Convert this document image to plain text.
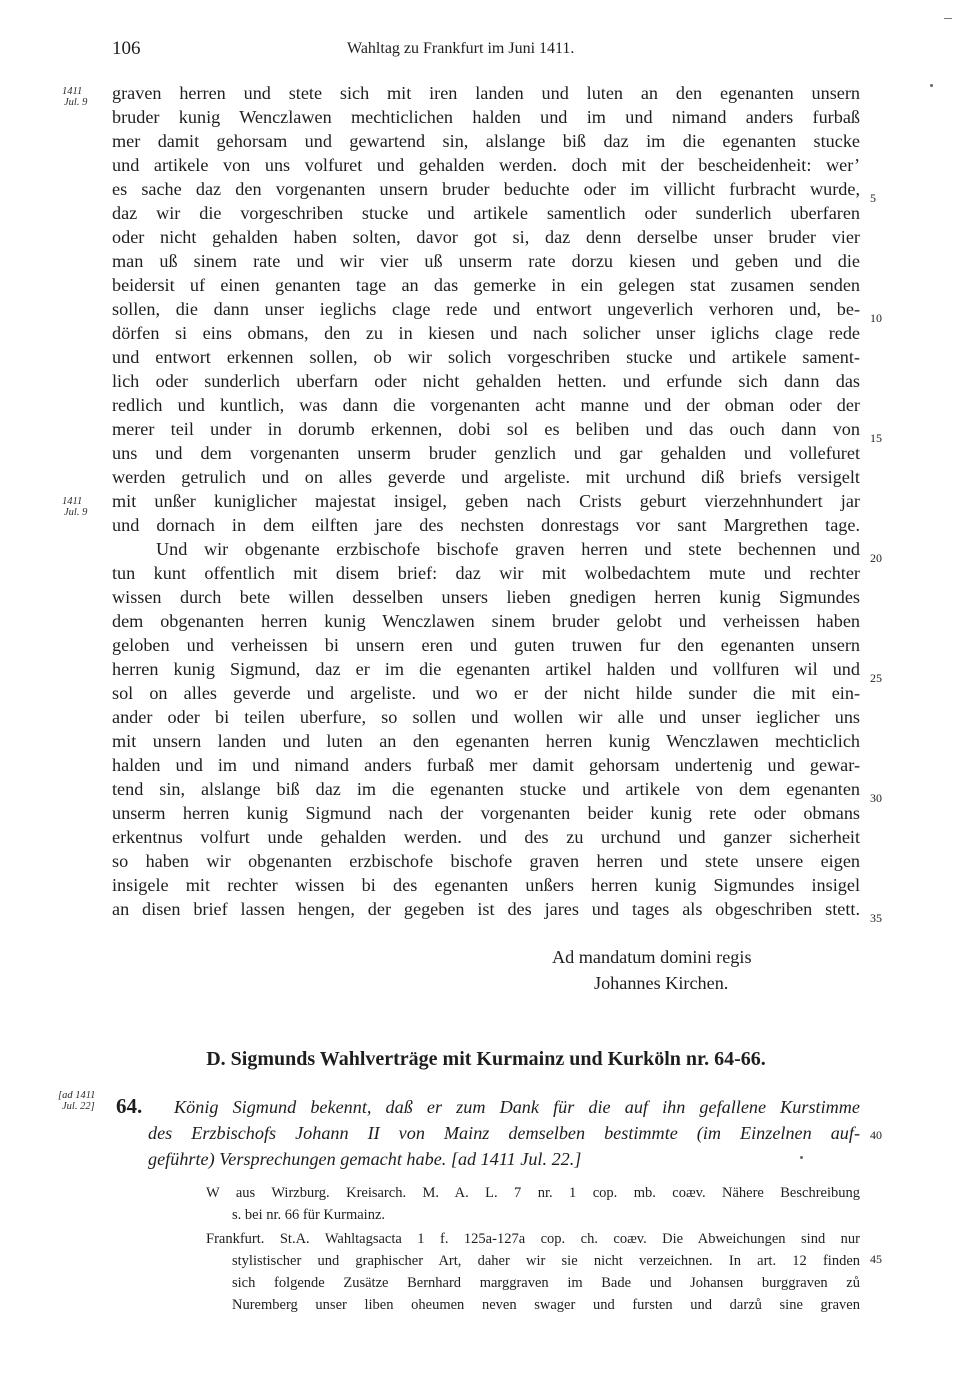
106	Wahltag zu Frankfurt im Juni 1411.
1411
Jul. 9
1411
Jul. 9
[ad 1411
Jul. 22]
graven herren und stete sich mit iren landen und luten an den egenanten unsern
bruder kunig Wenczlawen mechticlichen halden und im und nimand anders furbaß
mer damit gehorsam und gewartend sin, alslange biß daz im die egenanten stucke
und artikele von uns volfuret und gehalden werden. doch mit der bescheidenheit: wer’
es sache daz den vorgenanten unsern bruder beduchte oder im villicht furbracht wurde,
daz wir die vorgeschriben stucke und artikele samentlich oder sunderlich uberfaren
oder nicht gehalden haben solten, davor got si, daz denn derselbe unser bruder vier
man uß sinem rate und wir vier uß unserm rate dorzu kiesen und geben und die
beidersit uf einen genanten tage an das gemerke in ein gelegen stat zusamen senden
sollen, die dann unser ieglichs clage rede und entwort ungeverlich verhoren und, be-
dörfen si eins obmans, den zu in kiesen und nach solicher unser iglichs clage rede
und entwort erkennen sollen, ob wir solich vorgeschriben stucke und artikele sament-
lich oder sunderlich uberfarn oder nicht gehalden hetten. und erfunde sich dann das
redlich und kuntlich, was dann die vorgenanten acht manne und der obman oder der
merer teil under in dorumb erkennen, dobi sol es beliben und das ouch dann von
uns und dem vorgenanten unserm bruder genzlich und gar gehalden und vollefuret
werden getrulich und on alles geverde und argeliste. mit urchund diß briefs versigelt
mit unßer kuniglicher majestat insigel, geben nach Crists geburt vierzehnhundert jar
und dornach in dem eilften jare des nechsten donrestags vor sant Margrethen tage.
Und wir obgenante erzbischofe bischofe graven herren und stete bechennen und
tun kunt offentlich mit disem brief: daz wir mit wolbedachtem mute und rechter
wissen durch bete willen desselben unsers lieben gnedigen herren kunig Sigmundes
dem obgenanten herren kunig Wenczlawen sinem bruder gelobt und verheissen haben
geloben und verheissen bi unsern eren und guten truwen fur den egenanten unsern
herren kunig Sigmund, daz er im die egenanten artikel halden und vollfuren wil und
sol on alles geverde und argeliste. und wo er der nicht hilde sunder die mit ein-
ander oder bi teilen uberfure, so sollen und wollen wir alle und unser ieglicher uns
mit unsern landen und luten an den egenanten herren kunig Wenczlawen mechticlich
halden und im und nimand anders furbaß mer damit gehorsam undertenig und gewar-
tend sin, alslange biß daz im die egenanten stucke und artikele von dem egenanten
unserm herren kunig Sigmund nach der vorgenanten beider kunig rete oder obmans
erkentnus volfurt unde gehalden werden. und des zu urchund und ganzer sicherheit
so haben wir obgenanten erzbischofe bischofe graven herren und stete unsere eigen
insigele mit rechter wissen bi des egenanten unßers herren kunig Sigmundes insigel
an disen brief lassen hengen, der gegeben ist des jares und tages als obgeschriben stett.
5
10
15
20
25
30
35
Ad mandatum domini regis
Johannes Kirchen.
D. Sigmunds Wahlverträge mit Kurmainz und Kurköln nr. 64-66.
64. König Sigmund bekennt, daß er zum Dank für die auf ihn gefallene Kurstimme
des Erzbischofs Johann II von Mainz demselben bestimmte (im Einzelnen auf-
geführte) Versprechungen gemacht habe. [ad 1411 Jul. 22.]
40
W aus Wirzburg. Kreisarch. M. A. L. 7 nr. 1 cop. mb. coæv. Nähere Beschreibung
s. bei nr. 66 für Kurmainz.
Frankfurt. St.A. Wahltagsacta 1 f. 125a-127a cop. ch. coæv. Die Abweichungen sind nur
stylistischer und graphischer Art, daher wir sie nicht verzeichnen. In art. 12 finden
sich folgende Zusätze Bernhard marggraven im Bade und Johansen burggraven zů
Nuremberg unser liben oheumen neven swager und fursten und darzů sine graven
45
